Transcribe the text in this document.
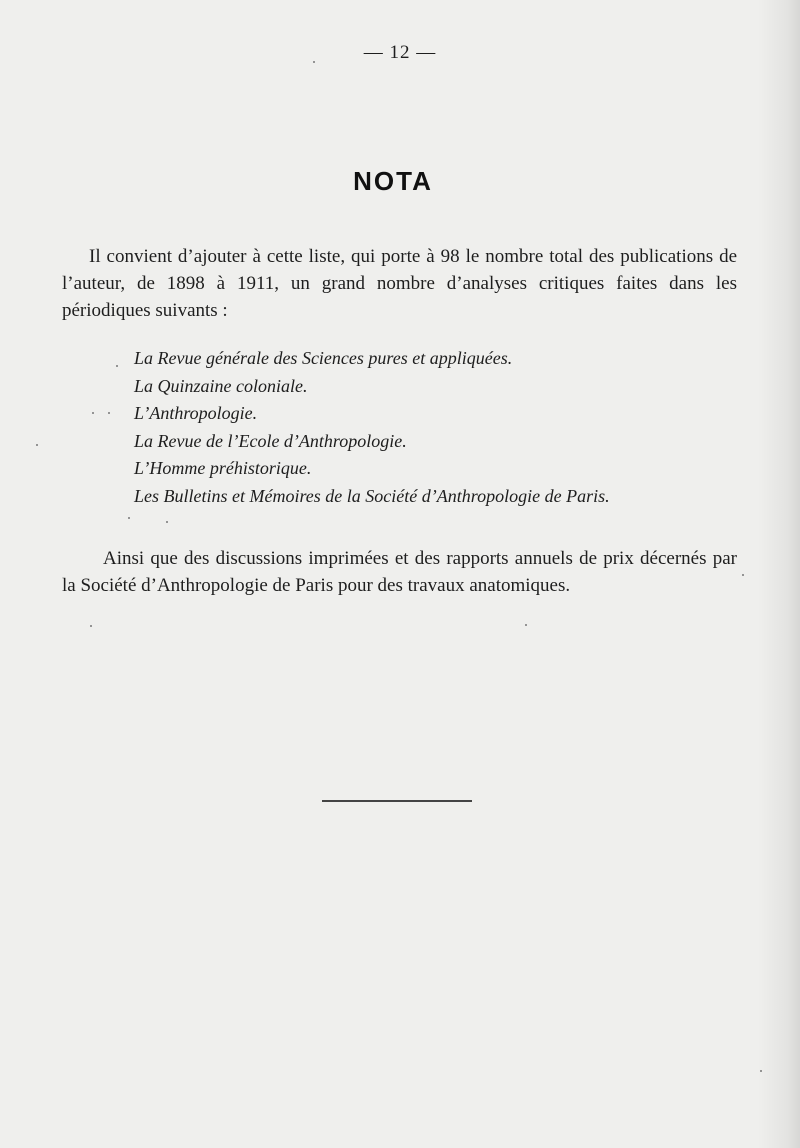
— 12 —
NOTA

Il convient d’ajouter à cette liste, qui porte à 98 le nombre total des publications de l’auteur, de 1898 à 1911, un grand nombre d’analyses critiques faites dans les périodiques suivants :

La Revue générale des Sciences pures et appliquées.
La Quinzaine coloniale.
L’Anthropologie.
La Revue de l’Ecole d’Anthropologie.
L’Homme préhistorique.
Les Bulletins et Mémoires de la Société d’Anthropologie de Paris.

Ainsi que des discussions imprimées et des rapports annuels de prix décernés par la Société d’Anthropologie de Paris pour des travaux anatomiques.
